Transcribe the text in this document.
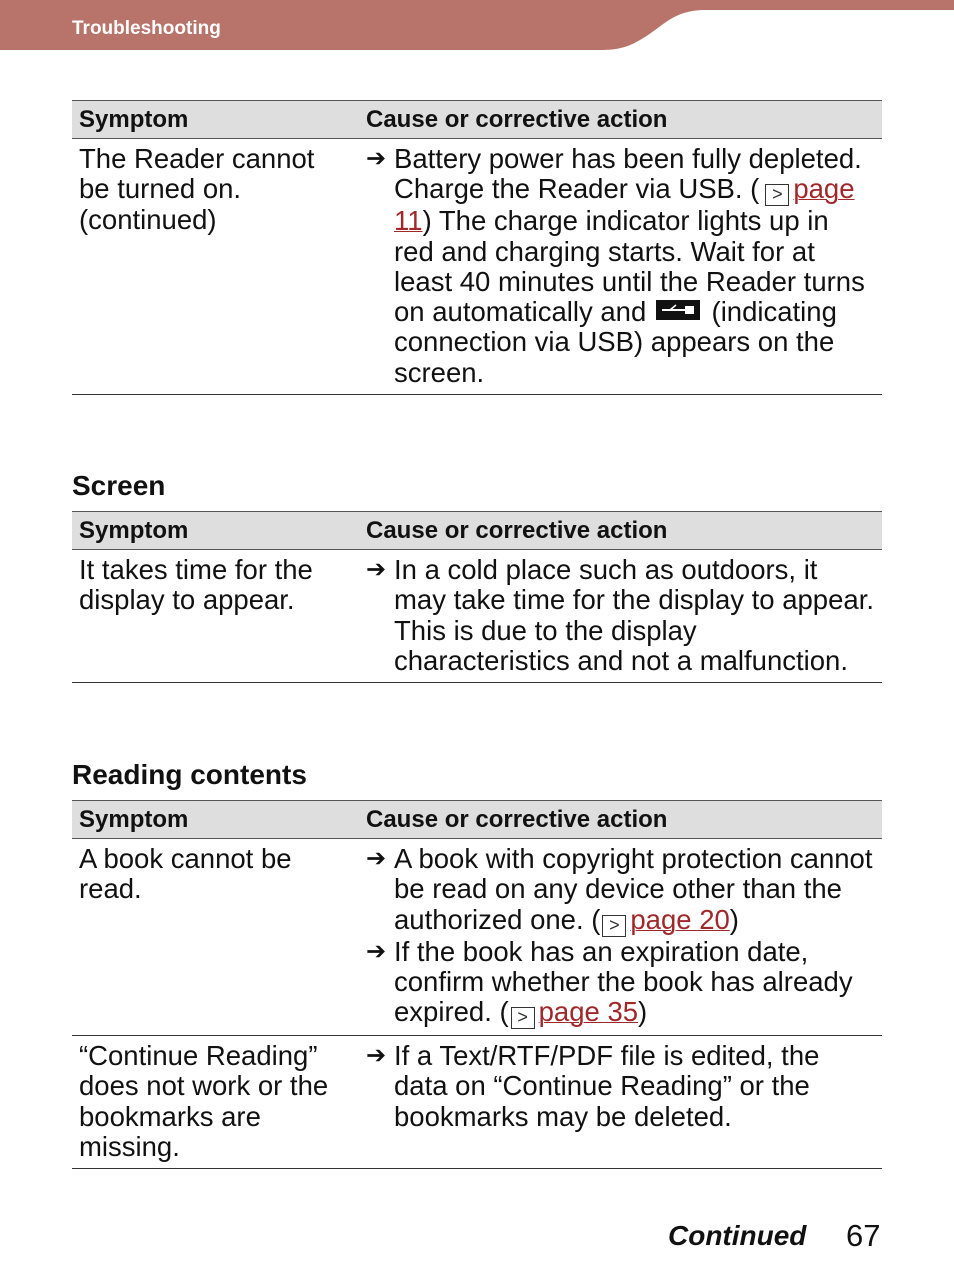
Troubleshooting
Symptom	Cause or corrective action
The Reader cannot be turned on. (continued)	➔ Battery power has been fully depleted. Charge the Reader via USB. ( > page 11) The charge indicator lights up in red and charging starts. Wait for at least 40 minutes until the Reader turns on automatically and (indicating connection via USB) appears on the screen.
Screen
Symptom	Cause or corrective action
It takes time for the display to appear.	➔ In a cold place such as outdoors, it may take time for the display to appear.
This is due to the display characteristics and not a malfunction.
Reading contents
Symptom	Cause or corrective action
A book cannot be read.	➔ A book with copyright protection cannot be read on any device other than the authorized one. ( > page 20)
➔ If the book has an expiration date, confirm whether the book has already expired. ( > page 35)

“Continue Reading” does not work or the bookmarks are missing.	➔ If a Text/RTF/PDF file is edited, the data on “Continue Reading” or the bookmarks may be deleted.
Continued 67
